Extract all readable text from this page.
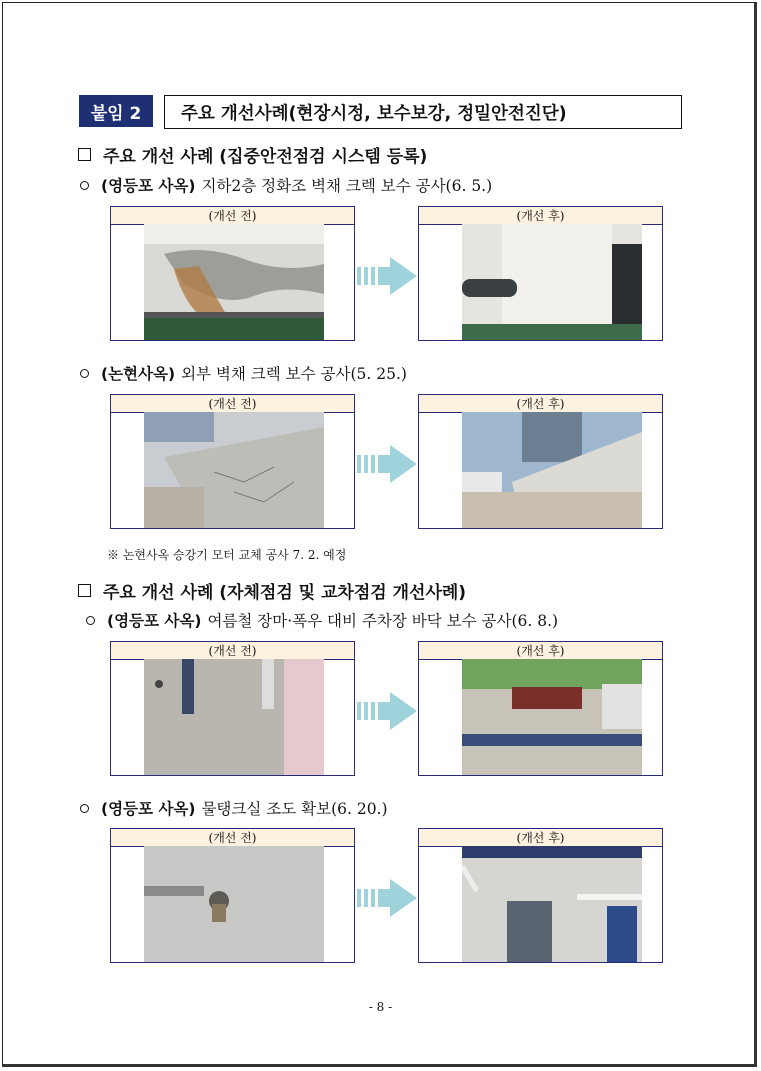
붙임 2	주요 개선사례(현장시정, 보수보강, 정밀안전진단)
주요 개선 사례 (집중안전점검 시스템 등록)
(영등포 사옥) 지하2층 정화조 벽채 크렉 보수 공사(6. 5.)
(개선 전)	(개선 후)
(논현사옥) 외부 벽채 크렉 보수 공사(5. 25.)
(개선 전)	(개선 후)
※ 논현사옥 승강기 모터 교체 공사 7. 2. 예정
주요 개선 사례 (자체점검 및 교차점검 개선사례)
(영등포 사옥) 여름철 장마·폭우 대비 주차장 바닥 보수 공사(6. 8.)
(개선 전)	(개선 후)
(영등포 사옥) 물탱크실 조도 확보(6. 20.)
(개선 전)	(개선 후)
- 8 -
